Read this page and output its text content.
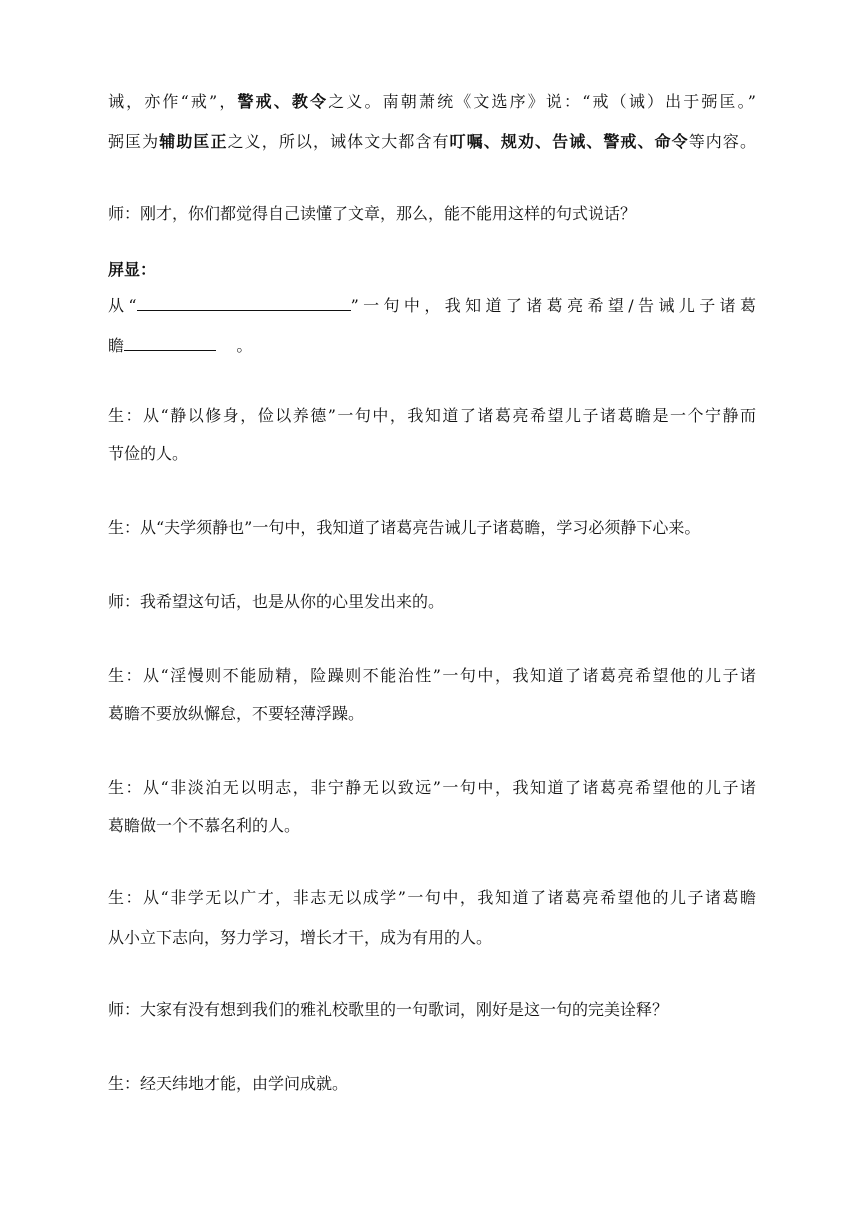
诫，亦作“戒”，警戒、教令之义。南朝萧统《文选序》说：“戒（诫）出于弼匡。”
弼匡为辅助匡正之义，所以，诫体文大都含有叮嘱、规劝、告诫、警戒、命令等内容。
师：刚才，你们都觉得自己读懂了文章，那么，能不能用这样的句式说话？
屏显：
从“	”一句中，我知道了诸葛亮希望/告诫儿子诸葛
瞻	。
生：从“静以修身，俭以养德”一句中，我知道了诸葛亮希望儿子诸葛瞻是一个宁静而
节俭的人。
生：从“夫学须静也”一句中，我知道了诸葛亮告诫儿子诸葛瞻，学习必须静下心来。
师：我希望这句话，也是从你的心里发出来的。
生：从“淫慢则不能励精，险躁则不能治性”一句中，我知道了诸葛亮希望他的儿子诸
葛瞻不要放纵懈怠，不要轻薄浮躁。
生：从“非淡泊无以明志，非宁静无以致远”一句中，我知道了诸葛亮希望他的儿子诸
葛瞻做一个不慕名利的人。
生：从“非学无以广才，非志无以成学”一句中，我知道了诸葛亮希望他的儿子诸葛瞻
从小立下志向，努力学习，增长才干，成为有用的人。
师：大家有没有想到我们的雅礼校歌里的一句歌词，刚好是这一句的完美诠释？
生：经天纬地才能，由学问成就。
